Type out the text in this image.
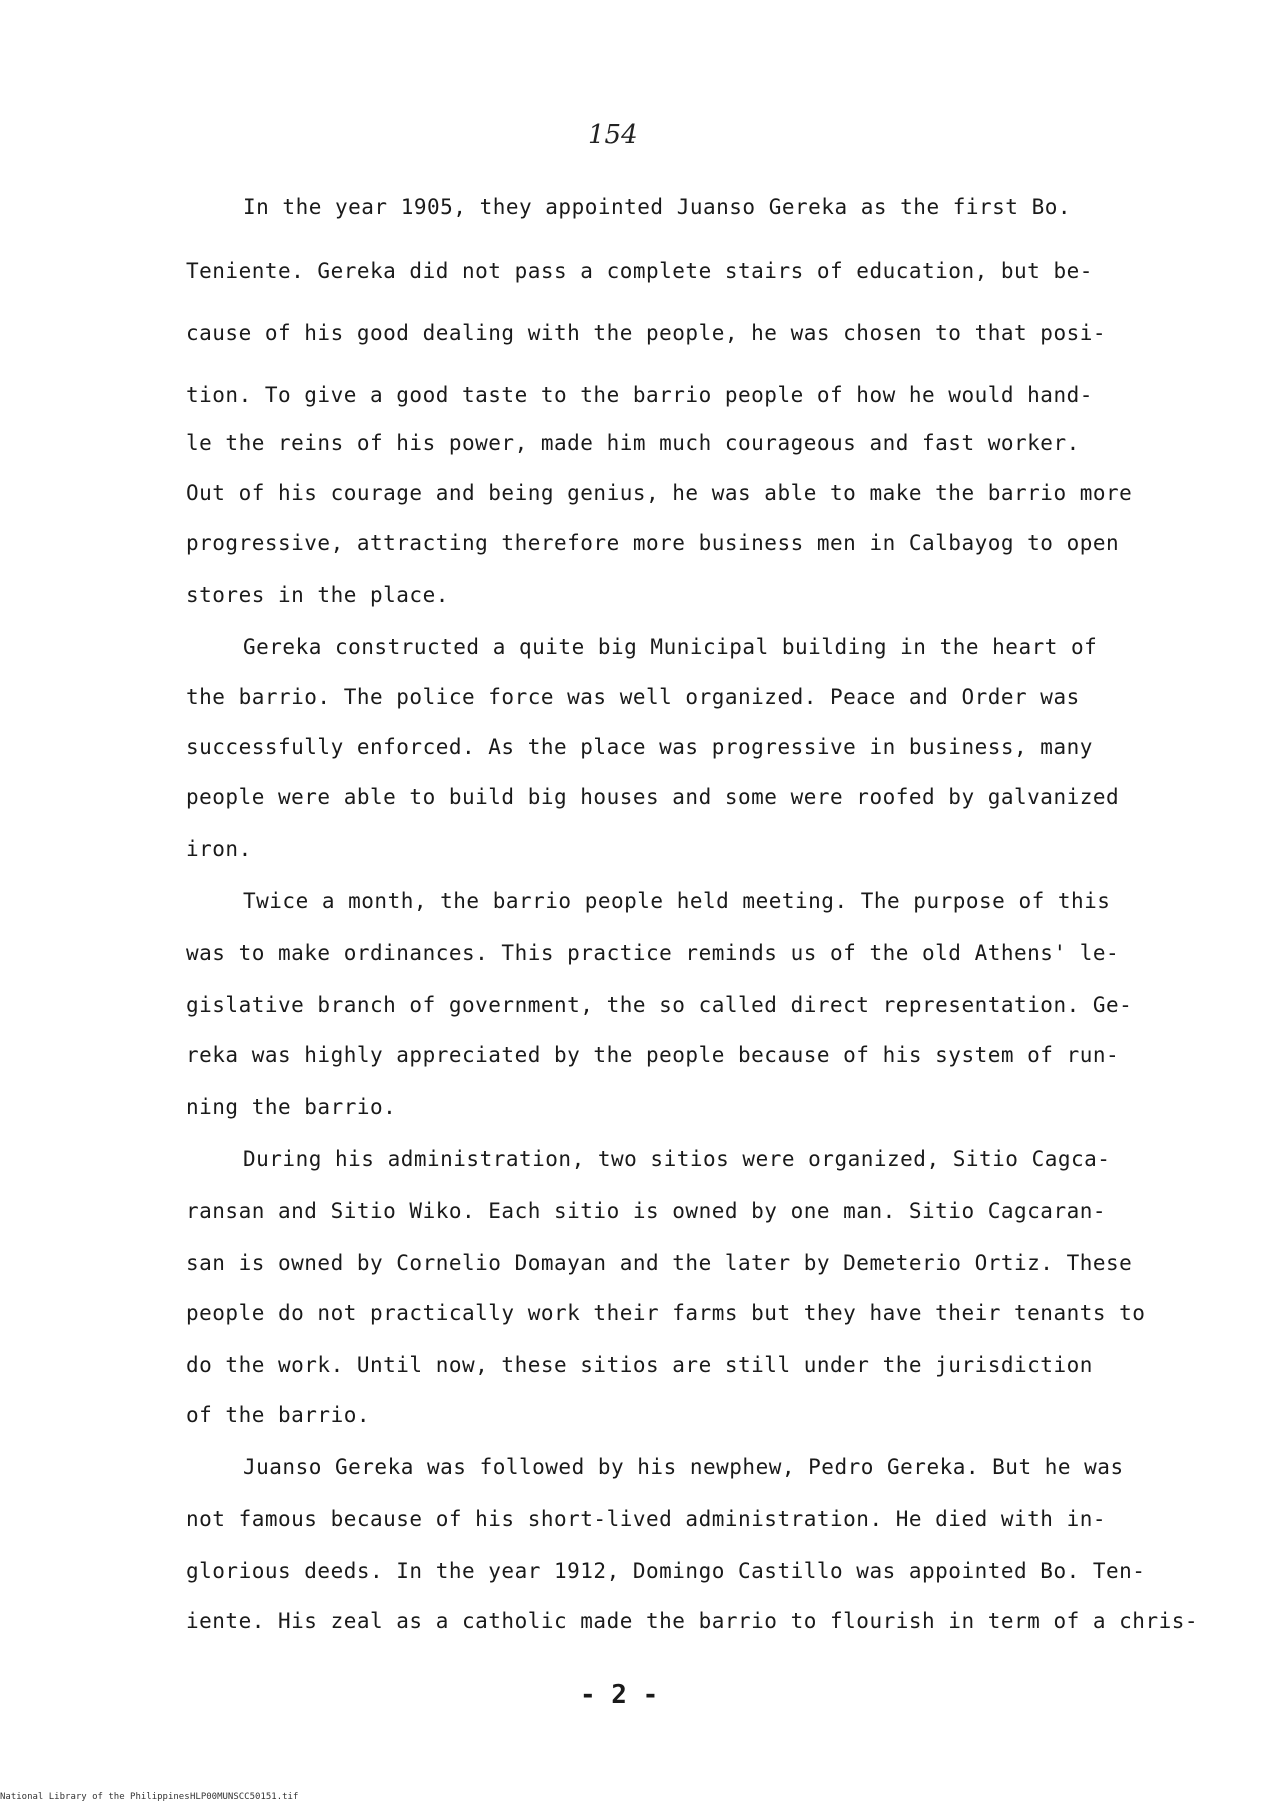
154

In the year 1905, they appointed Juanso Gereka as the first Bo.

Teniente. Gereka did not pass a complete stairs of education, but be-

cause of his good dealing with the people, he was chosen to that posi-

tion. To give a good taste to the barrio people of how he would hand-

le the reins of his power, made him much courageous and fast worker.

Out of his courage and being genius, he was able to make the barrio more

progressive, attracting therefore more business men in Calbayog to open

stores in the place.

Gereka constructed a quite big Municipal building in the heart of

the barrio. The police force was well organized. Peace and Order was

successfully enforced. As the place was progressive in business, many

people were able to build big houses and some were roofed by galvanized

iron.

Twice a month, the barrio people held meeting. The purpose of this

was to make ordinances. This practice reminds us of the old Athens' le-

gislative branch of government, the so called direct representation. Ge-

reka was highly appreciated by the people because of his system of run-

ning the barrio.

During his administration, two sitios were organized, Sitio Cagca-

ransan and Sitio Wiko. Each sitio is owned by one man. Sitio Cagcaran-

san is owned by Cornelio Domayan and the later by Demeterio Ortiz. These

people do not practically work their farms but they have their tenants to

do the work. Until now, these sitios are still under the jurisdiction

of the barrio.

Juanso Gereka was followed by his newphew, Pedro Gereka. But he was

not famous because of his short-lived administration. He died with in-

glorious deeds. In the year 1912, Domingo Castillo was appointed Bo. Ten-

iente. His zeal as a catholic made the barrio to flourish in term of a chris-

- 2 -
National Library of the Philippines HLP00MUNSCC50151.tif
